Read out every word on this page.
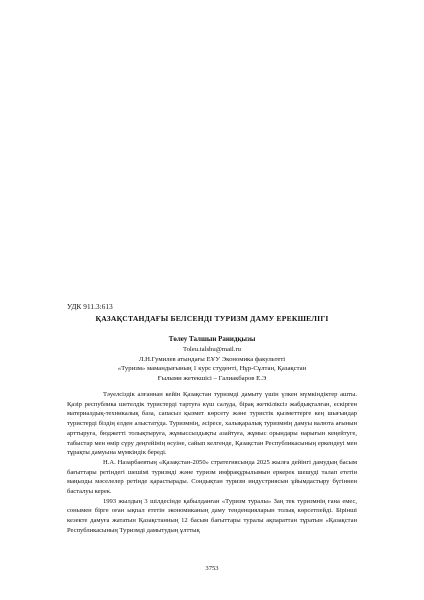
УДК 911.3:613
ҚАЗАҚСТАНДАҒЫ БЕЛСЕНДІ ТУРИЗМ ДАМУ ЕРЕКШЕЛІГІ
Төлеу Талшын Ранидқызы
Toleu.talshu@mail.ru
Л.Н.Гумилев атындағы ЕҰУ Экономика факультеті
«Туризм» мамандығының 1 курс студенті, Нұр-Сұлтан, Қазақстан
Ғылыми жетекшісі – Галиакбаров Е.Э

Тәуелсіздік алғаннан кейін Қазақстан туризмді дамыту үшін үлкен мүмкіндіктер ашты. Қазір республика шетелдік туристерді тартуға күш салуда, бірақ жеткіліксіз жабдықталған, ескірген материалдық-техникалық база, сапасыз қызмет көрсету және туристік қызметтерге кең шығындар туристерді біздің елден алыстатуда. Туризмнің, әсіресе, халықаралық туризмнің дамуы валюта ағынын арттыруға, бюджетті толықтыруға, жұмыссыздықты азайтуға, жұмыс орындары нарығын кеңейтуге, табыстар мен өмір сүру деңгейінің өсуіне, сайып келгенде, Қазақстан Республикасының еркендеуі мен тұрақты дамуына мүмкіндік береді.

Н.А. Назарбаевтың «Қазақстан-2050» стратегиясында 2025 жылға дейінгі дамудың басым бағыттары ретіндегі шешімі туризмді және туризм инфрақұрылымын еркерек шешуді талап ететін маңызды мәселелер ретінде қарастырады. Сондықтан туризм индустриясын ұйымдастыру бүгіннен басталуы керек.

1993 жылдың 3 шілдесінде қабылданған «Туризм туралы» Заң тек туризмнің ғана емес, сонымен бірге оған ықпал ететін экономиканың даму тенденцияларын толық көрсетпейді. Бірінші кезекте дамуға жататын Қазақстанның 12 басым бағыттары туралы ақпараттан тұратын «Қазақстан Республикасының Туризмді дамытудың ұлттық

3753
